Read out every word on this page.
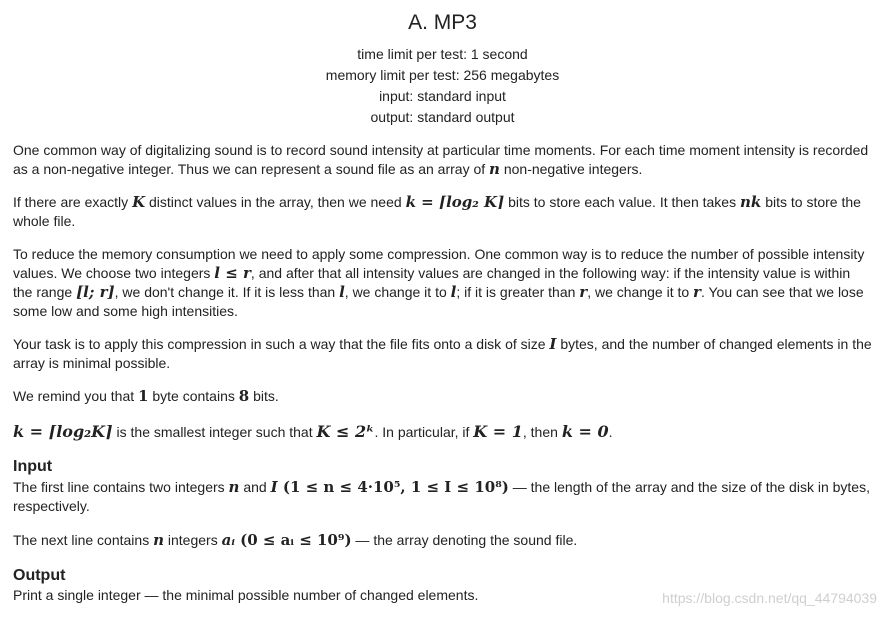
A. MP3
time limit per test: 1 second
memory limit per test: 256 megabytes
input: standard input
output: standard output

One common way of digitalizing sound is to record sound intensity at particular time moments. For each time moment intensity is recorded as a non-negative integer. Thus we can represent a sound file as an array of n non-negative integers.

If there are exactly K distinct values in the array, then we need k = ⌈log₂ K⌉ bits to store each value. It then takes nk bits to store the whole file.

To reduce the memory consumption we need to apply some compression. One common way is to reduce the number of possible intensity values. We choose two integers l ≤ r, and after that all intensity values are changed in the following way: if the intensity value is within the range [l; r], we don't change it. If it is less than l, we change it to l; if it is greater than r, we change it to r. You can see that we lose some low and some high intensities.

Your task is to apply this compression in such a way that the file fits onto a disk of size I bytes, and the number of changed elements in the array is minimal possible.

We remind you that 1 byte contains 8 bits.

k = ⌈log₂K⌉ is the smallest integer such that K ≤ 2ᵏ. In particular, if K = 1, then k = 0.

Input

The first line contains two integers n and I (1 ≤ n ≤ 4·10⁵, 1 ≤ I ≤ 10⁸) — the length of the array and the size of the disk in bytes, respectively.

The next line contains n integers aᵢ (0 ≤ aᵢ ≤ 10⁹) — the array denoting the sound file.

Output

Print a single integer — the minimal possible number of changed elements.	https://blog.csdn.net/qq_44794039
